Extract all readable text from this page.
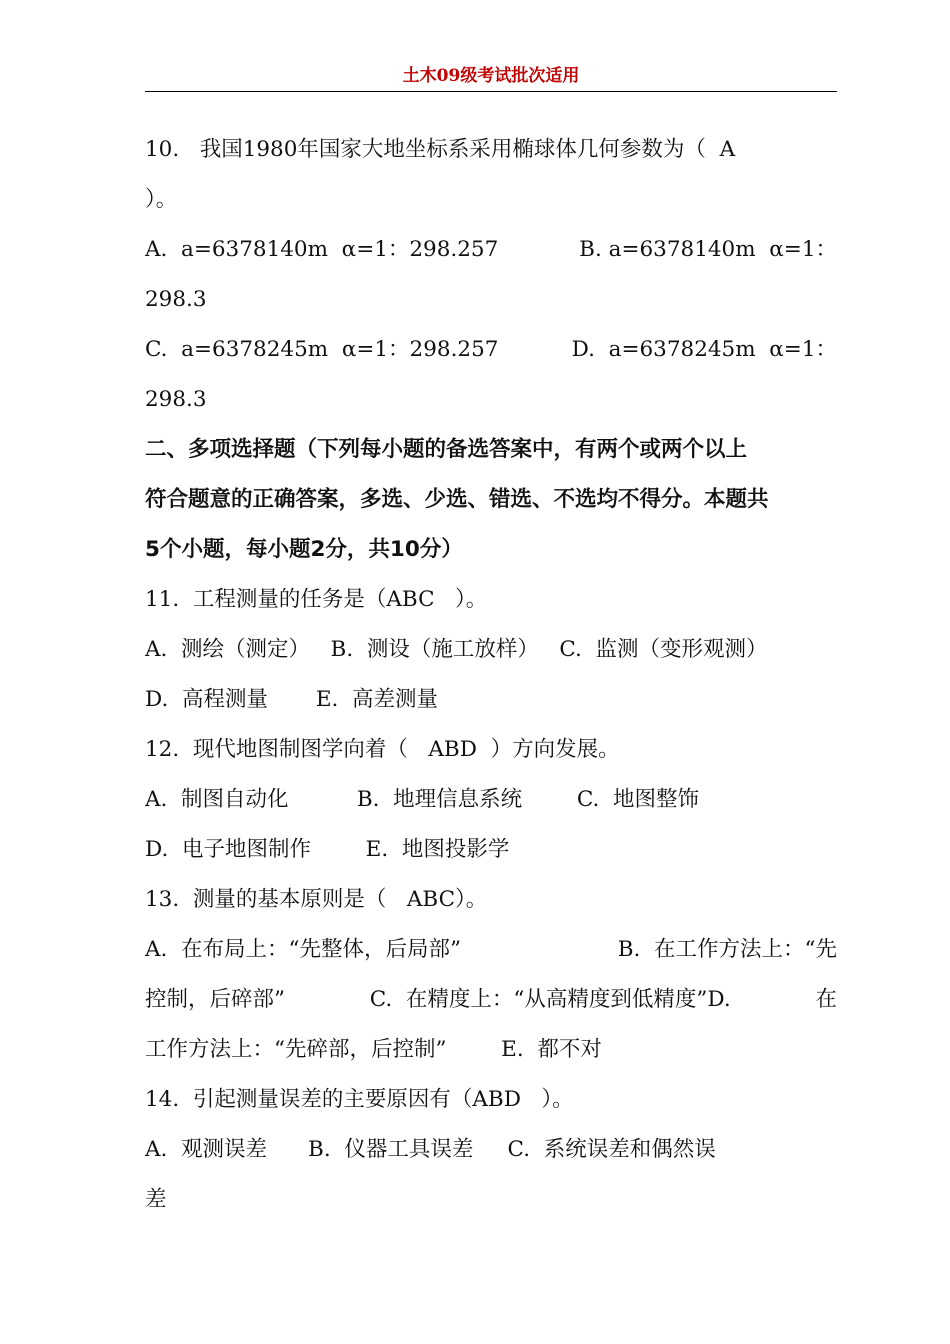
土木09级考试批次适用
10.   我国1980年国家大地坐标系采用椭球体几何参数为（  A
）。
A.  a=6378140m  α=1：298.257	B. a=6378140m  α=1：
298.3
C.  a=6378245m  α=1：298.257	D.  a=6378245m  α=1：
298.3
二、多项选择题（下列每小题的备选答案中，有两个或两个以上
符合题意的正确答案，多选、少选、错选、不选均不得分。本题共
5个小题，每小题2分，共10分）
11.  工程测量的任务是（ABC   ）。
A.  测绘（测定）   B.  测设（施工放样）   C.  监测（变形观测）
D.  高程测量       E.  高差测量
12.  现代地图制图学向着（   ABD  ）方向发展。
A.  制图自动化          B.  地理信息系统        C.  地图整饰
D.  电子地图制作        E.  地图投影学
13.  测量的基本原则是（   ABC）。
A.  在布局上：“先整体，后局部”	B.  在工作方法上：“先
控制，后碎部”	C.  在精度上：“从高精度到低精度”D.	在
工作方法上：“先碎部，后控制”        E.  都不对
14.  引起测量误差的主要原因有（ABD   ）。
A.  观测误差      B.  仪器工具误差     C.  系统误差和偶然误
差
